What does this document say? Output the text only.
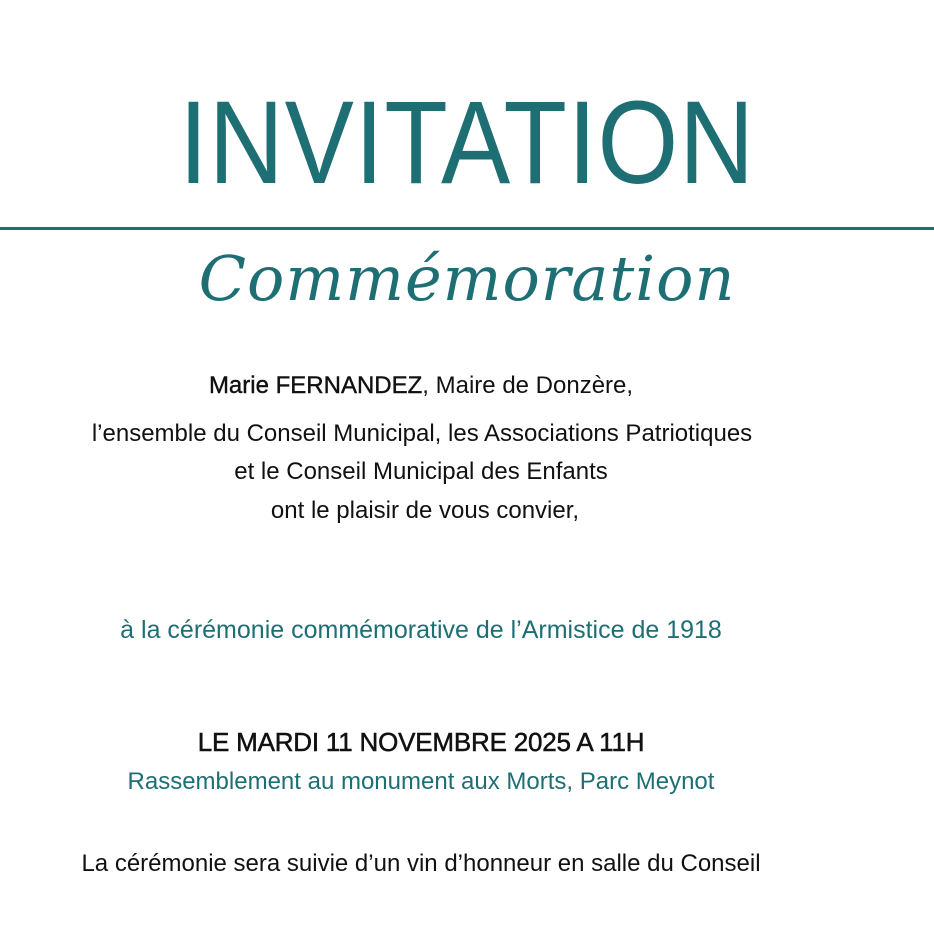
INVITATION
Commémoration
Marie FERNANDEZ, Maire de Donzère,
l’ensemble du Conseil Municipal, les Associations Patriotiques
et le Conseil Municipal des Enfants
ont le plaisir de vous convier,
à la cérémonie commémorative de l’Armistice de 1918
LE MARDI 11 NOVEMBRE 2025 A 11H
Rassemblement au monument aux Morts, Parc Meynot
La cérémonie sera suivie d’un vin d’honneur en salle du Conseil
